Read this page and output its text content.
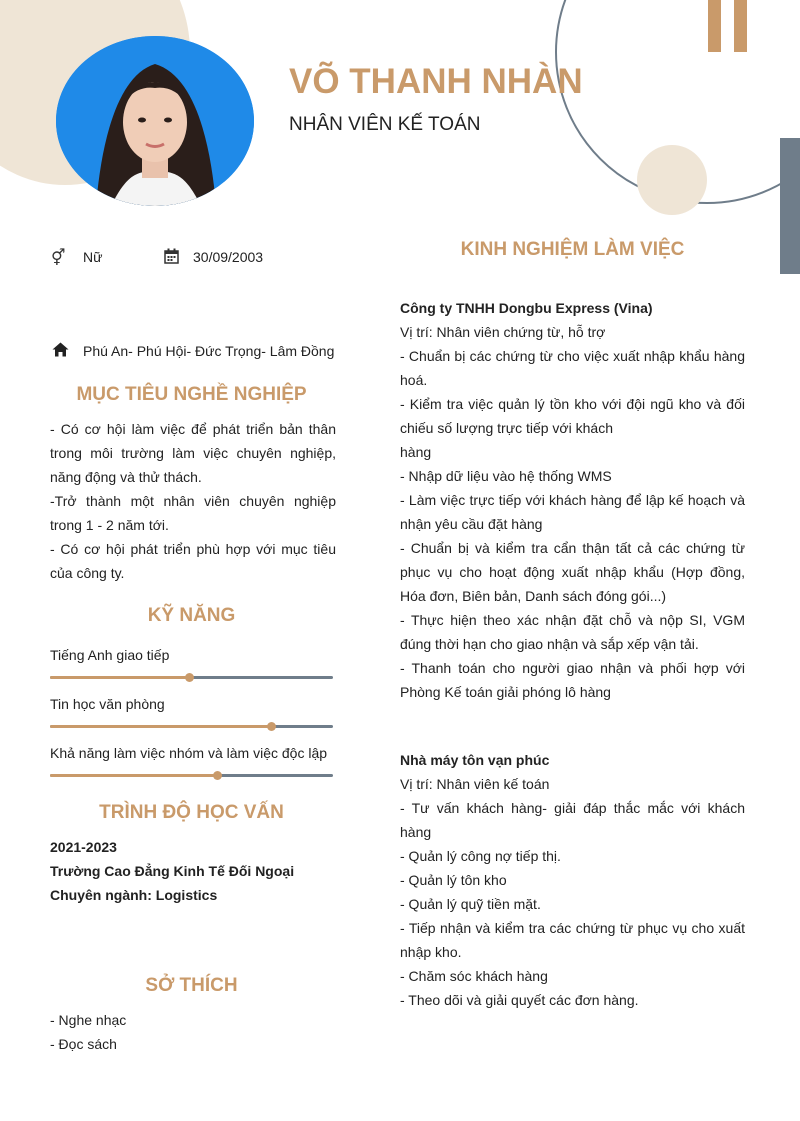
VÕ THANH NHÀN
NHÂN VIÊN KẾ TOÁN
⚥ Nữ	30/09/2003
Phú An- Phú Hội- Đức Trọng- Lâm Đồng
MỤC TIÊU NGHỀ NGHIỆP

- Có cơ hội làm việc để phát triển bản thân trong môi trường làm việc chuyên nghiệp, năng động và thử thách.

-Trở thành một nhân viên chuyên nghiệp trong 1 - 2 năm tới.

- Có cơ hội phát triển phù hợp với mục tiêu của công ty.

KỸ NĂNG
Tiếng Anh giao tiếp
Tin học văn phòng
Khả năng làm việc nhóm và làm việc độc lập
TRÌNH ĐỘ HỌC VẤN
2021-2023
Trường Cao Đẳng Kinh Tế Đối Ngoại
Chuyên ngành: Logistics
SỞ THÍCH
- Nghe nhạc
- Đọc sách
KINH NGHIỆM LÀM VIỆC
Công ty TNHH Dongbu Express (Vina)

Vị trí: Nhân viên chứng từ, hỗ trợ

- Chuẩn bị các chứng từ cho việc xuất nhập khẩu hàng hoá.

- Kiểm tra việc quản lý tồn kho với đội ngũ kho và đối chiếu số lượng trực tiếp với khách

hàng

- Nhập dữ liệu vào hệ thống WMS

- Làm việc trực tiếp với khách hàng để lập kế hoạch và nhận yêu cầu đặt hàng

- Chuẩn bị và kiểm tra cẩn thận tất cả các chứng từ phục vụ cho hoạt động xuất nhập khẩu (Hợp đồng, Hóa đơn, Biên bản, Danh sách đóng gói...)

- Thực hiện theo xác nhận đặt chỗ và nộp SI, VGM đúng thời hạn cho giao nhận và sắp xếp vận tải.

- Thanh toán cho người giao nhận và phối hợp với Phòng Kế toán giải phóng lô hàng

Nhà máy tôn vạn phúc

Vị trí: Nhân viên kế toán

- Tư vấn khách hàng- giải đáp thắc mắc với khách hàng

- Quản lý công nợ tiếp thị.

- Quản lý tôn kho

- Quản lý quỹ tiền mặt.

- Tiếp nhận và kiểm tra các chứng từ phục vụ cho xuất nhập kho.

- Chăm sóc khách hàng

- Theo dõi và giải quyết các đơn hàng.
